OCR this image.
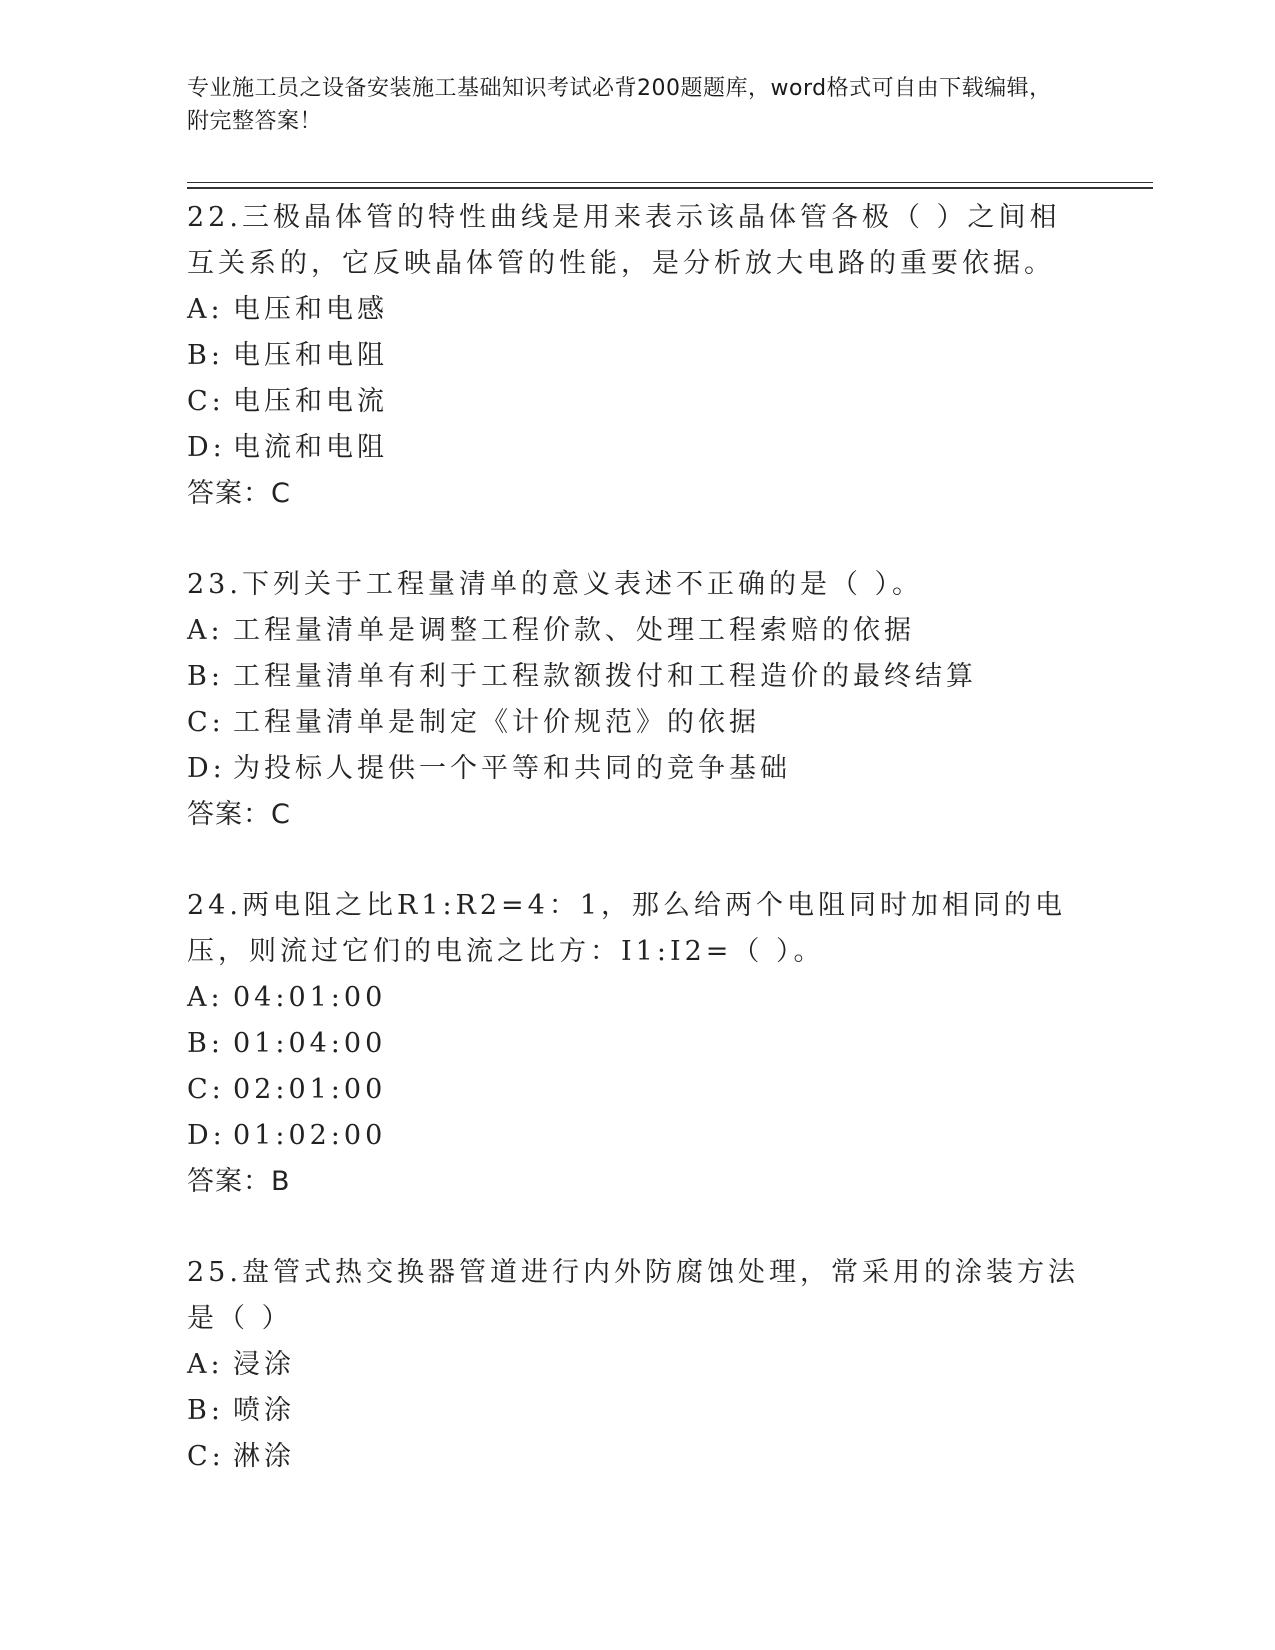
专业施工员之设备安装施工基础知识考试必背200题题库，word格式可自由下载编辑，附完整答案！

22.三极晶体管的特性曲线是用来表示该晶体管各极（ ）之间相互关系的，它反映晶体管的性能，是分析放大电路的重要依据。

A: 电压和电感

B: 电压和电阻

C: 电压和电流

D: 电流和电阻

答案：C

23.下列关于工程量清单的意义表述不正确的是（ ）。

A: 工程量清单是调整工程价款、处理工程索赔的依据

B: 工程量清单有利于工程款额拨付和工程造价的最终结算

C: 工程量清单是制定《计价规范》的依据

D: 为投标人提供一个平等和共同的竞争基础

答案：C

24.两电阻之比R1:R2=4：1，那么给两个电阻同时加相同的电压，则流过它们的电流之比方：I1:I2=（ ）。

A: 04:01:00

B: 01:04:00

C: 02:01:00

D: 01:02:00

答案：B

25.盘管式热交换器管道进行内外防腐蚀处理，常采用的涂装方法是（ ）

A: 浸涂

B: 喷涂

C: 淋涂
